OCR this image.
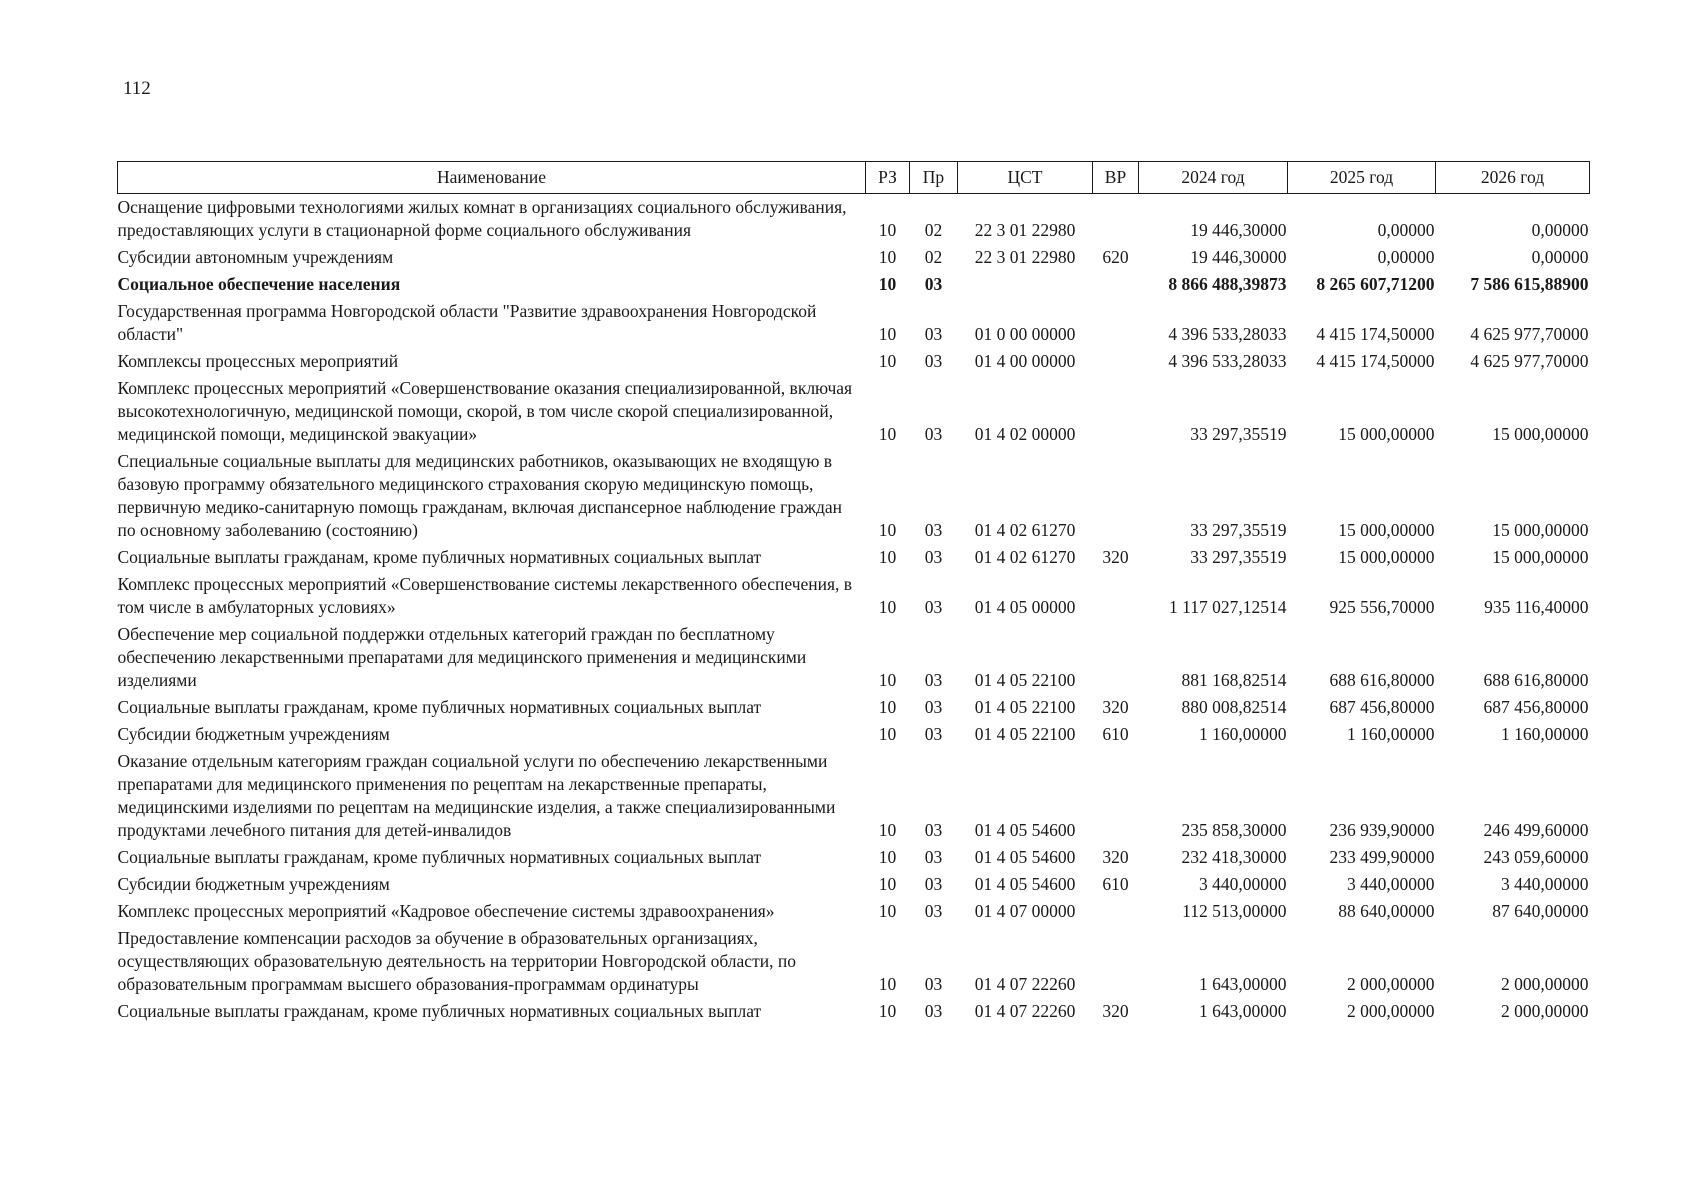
112
Наименование	РЗ	Пр	ЦСТ	ВР	2024 год	2025 год	2026 год
Оснащение цифровыми технологиями жилых комнат в организациях социального обслуживания, предоставляющих услуги в стационарной форме социального обслуживания	10	02	22 3 01 22980		19 446,30000	0,00000	0,00000
Субсидии автономным учреждениям	10	02	22 3 01 22980	620	19 446,30000	0,00000	0,00000
Социальное обеспечение населения	10	03			8 866 488,39873	8 265 607,71200	7 586 615,88900
Государственная программа Новгородской области "Развитие здравоохранения Новгородской области"	10	03	01 0 00 00000		4 396 533,28033	4 415 174,50000	4 625 977,70000
Комплексы процессных мероприятий	10	03	01 4 00 00000		4 396 533,28033	4 415 174,50000	4 625 977,70000
Комплекс процессных мероприятий «Совершенствование оказания специализированной, включая высокотехнологичную, медицинской помощи, скорой, в том числе скорой специализированной, медицинской помощи, медицинской эвакуации»	10	03	01 4 02 00000		33 297,35519	15 000,00000	15 000,00000
Специальные социальные выплаты для медицинских работников, оказывающих не входящую в базовую программу обязательного медицинского страхования скорую медицинскую помощь, первичную медико-санитарную помощь гражданам, включая диспансерное наблюдение граждан по основному заболеванию (состоянию)	10	03	01 4 02 61270		33 297,35519	15 000,00000	15 000,00000
Социальные выплаты гражданам, кроме публичных нормативных социальных выплат	10	03	01 4 02 61270	320	33 297,35519	15 000,00000	15 000,00000
Комплекс процессных мероприятий «Совершенствование системы лекарственного обеспечения, в том числе в амбулаторных условиях»	10	03	01 4 05 00000		1 117 027,12514	925 556,70000	935 116,40000
Обеспечение мер социальной поддержки отдельных категорий граждан по бесплатному обеспечению лекарственными препаратами для медицинского применения и медицинскими изделиями	10	03	01 4 05 22100		881 168,82514	688 616,80000	688 616,80000
Социальные выплаты гражданам, кроме публичных нормативных социальных выплат	10	03	01 4 05 22100	320	880 008,82514	687 456,80000	687 456,80000
Субсидии бюджетным учреждениям	10	03	01 4 05 22100	610	1 160,00000	1 160,00000	1 160,00000
Оказание отдельным категориям граждан социальной услуги по обеспечению лекарственными препаратами для медицинского применения по рецептам на лекарственные препараты, медицинскими изделиями по рецептам на медицинские изделия, а также специализированными продуктами лечебного питания для детей-инвалидов	10	03	01 4 05 54600		235 858,30000	236 939,90000	246 499,60000
Социальные выплаты гражданам, кроме публичных нормативных социальных выплат	10	03	01 4 05 54600	320	232 418,30000	233 499,90000	243 059,60000
Субсидии бюджетным учреждениям	10	03	01 4 05 54600	610	3 440,00000	3 440,00000	3 440,00000
Комплекс процессных мероприятий «Кадровое обеспечение системы здравоохранения»	10	03	01 4 07 00000		112 513,00000	88 640,00000	87 640,00000
Предоставление компенсации расходов за обучение в образовательных организациях, осуществляющих образовательную деятельность на территории Новгородской области, по образовательным программам высшего образования-программам ординатуры	10	03	01 4 07 22260		1 643,00000	2 000,00000	2 000,00000
Социальные выплаты гражданам, кроме публичных нормативных социальных выплат	10	03	01 4 07 22260	320	1 643,00000	2 000,00000	2 000,00000
